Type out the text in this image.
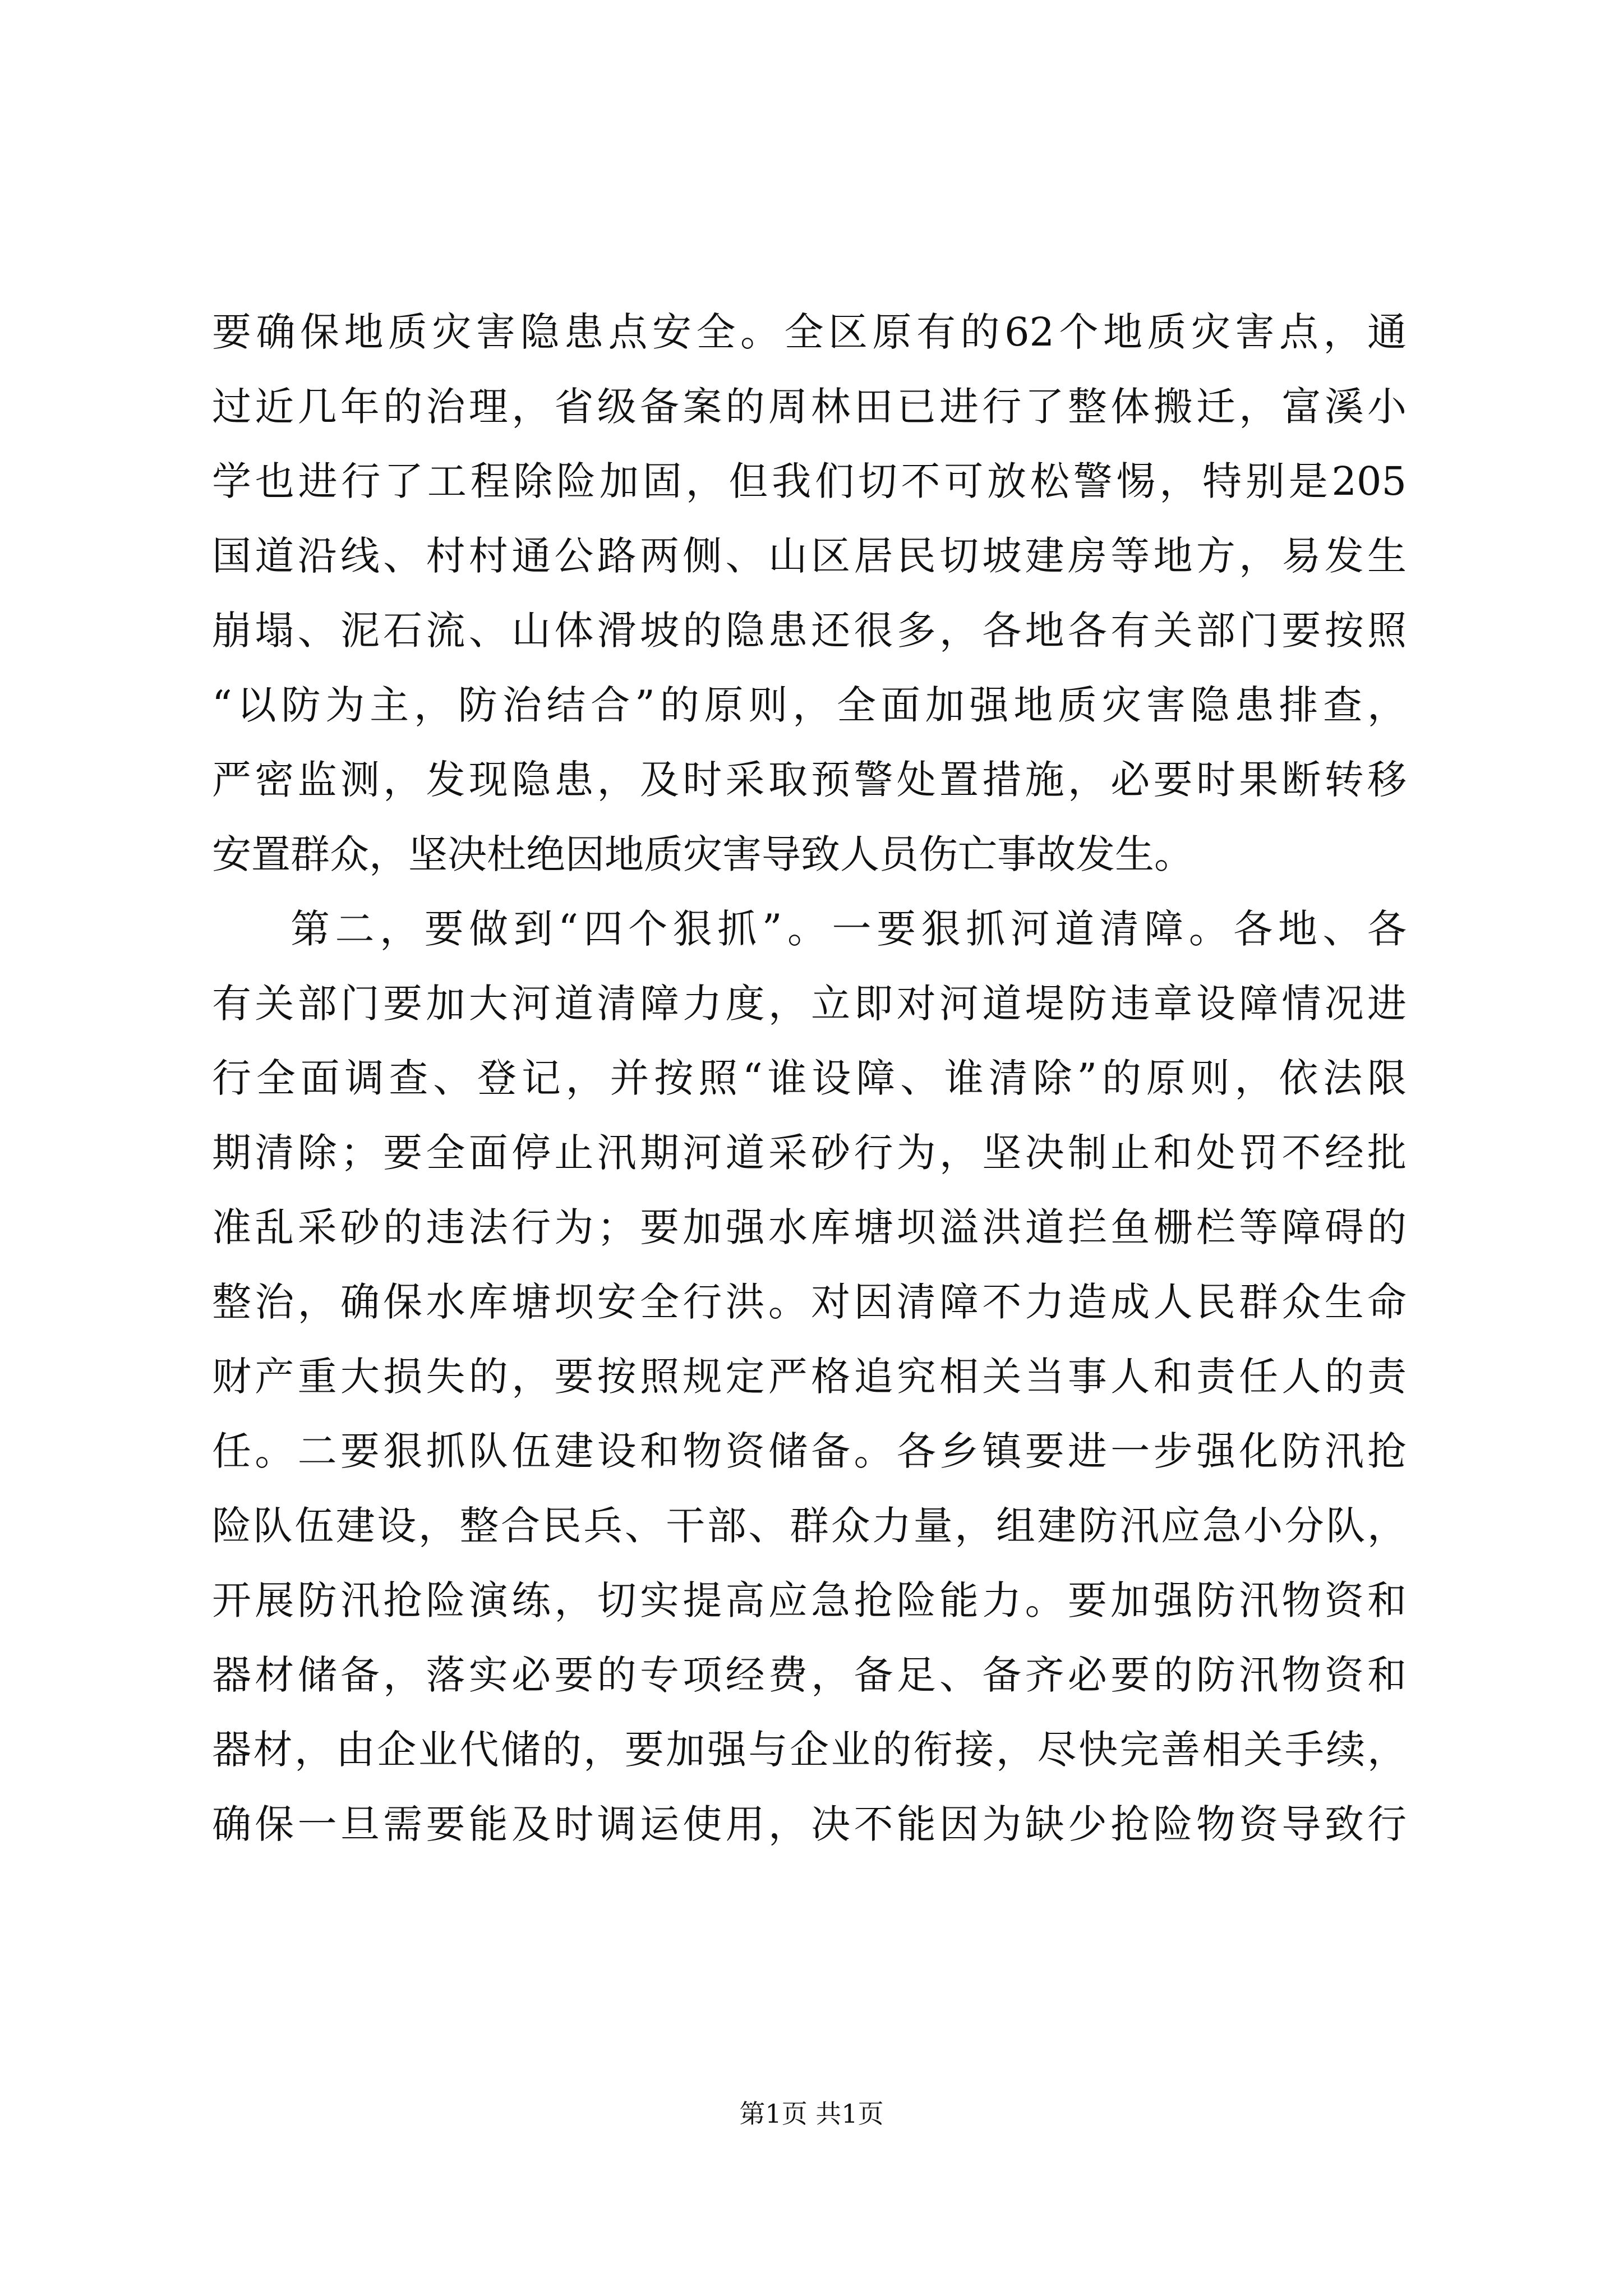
要确保地质灾害隐患点安全。全区原有的62个地质灾害点，通
过近几年的治理，省级备案的周林田已进行了整体搬迁，富溪小
学也进行了工程除险加固，但我们切不可放松警惕，特别是205
国道沿线、村村通公路两侧、山区居民切坡建房等地方，易发生
崩塌、泥石流、山体滑坡的隐患还很多，各地各有关部门要按照
“以防为主，防治结合”的原则，全面加强地质灾害隐患排查，
严密监测，发现隐患，及时采取预警处置措施，必要时果断转移
安置群众，坚决杜绝因地质灾害导致人员伤亡事故发生。
第二，要做到“四个狠抓”。一要狠抓河道清障。各地、各
有关部门要加大河道清障力度，立即对河道堤防违章设障情况进
行全面调查、登记，并按照“谁设障、谁清除”的原则，依法限
期清除；要全面停止汛期河道采砂行为，坚决制止和处罚不经批
准乱采砂的违法行为；要加强水库塘坝溢洪道拦鱼栅栏等障碍的
整治，确保水库塘坝安全行洪。对因清障不力造成人民群众生命
财产重大损失的，要按照规定严格追究相关当事人和责任人的责
任。二要狠抓队伍建设和物资储备。各乡镇要进一步强化防汛抢
险队伍建设，整合民兵、干部、群众力量，组建防汛应急小分队，
开展防汛抢险演练，切实提高应急抢险能力。要加强防汛物资和
器材储备，落实必要的专项经费，备足、备齐必要的防汛物资和
器材，由企业代储的，要加强与企业的衔接，尽快完善相关手续，
确保一旦需要能及时调运使用，决不能因为缺少抢险物资导致行
第1页 共1页
